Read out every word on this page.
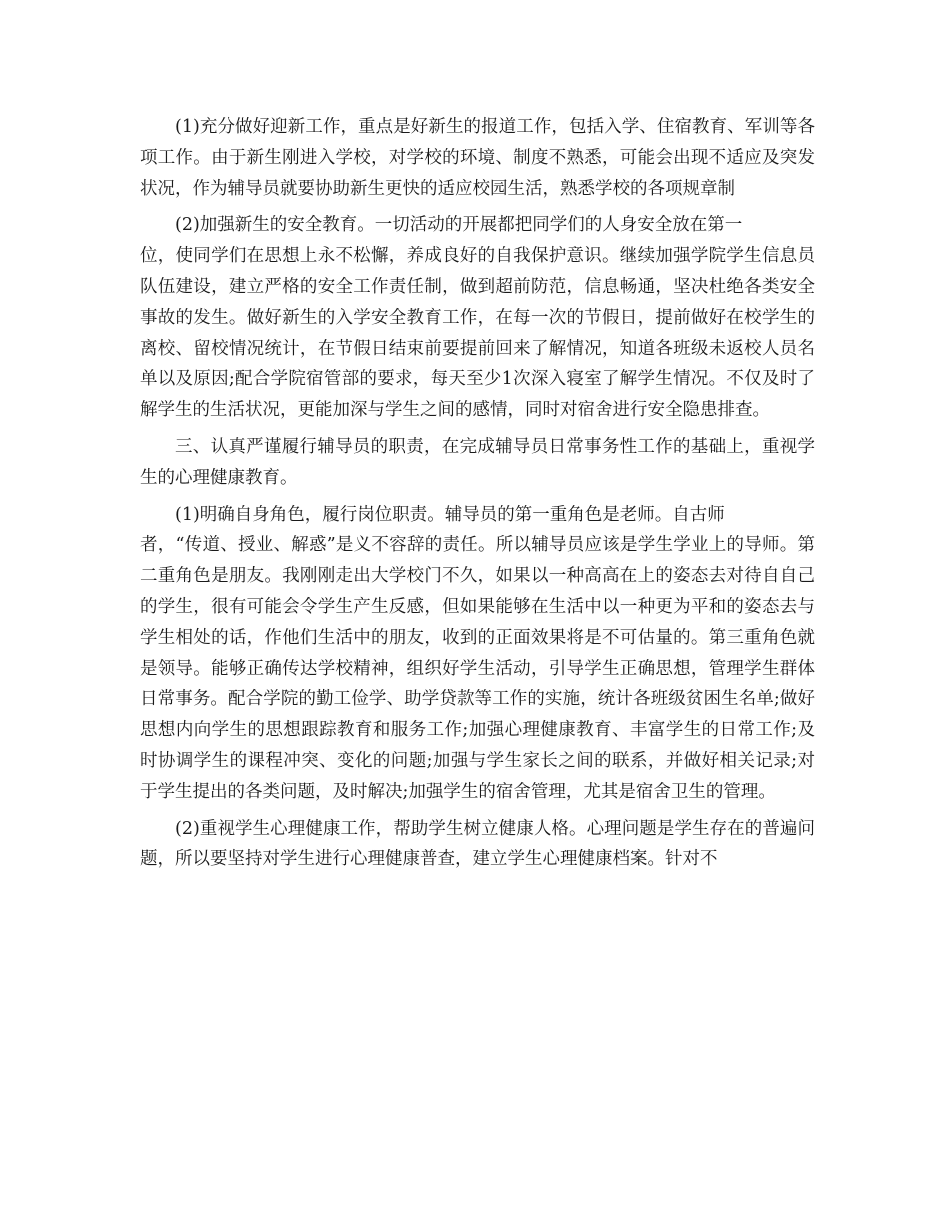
(1)充分做好迎新工作，重点是好新生的报道工作，包括入学、住宿教育、军训等各项工作。由于新生刚进入学校，对学校的环境、制度不熟悉，可能会出现不适应及突发状况，作为辅导员就要协助新生更快的适应校园生活，熟悉学校的各项规章制

(2)加强新生的安全教育。一切活动的开展都把同学们的人身安全放在第一
位，使同学们在思想上永不松懈，养成良好的自我保护意识。继续加强学院学生信息员队伍建设，建立严格的安全工作责任制，做到超前防范，信息畅通，坚决杜绝各类安全事故的发生。做好新生的入学安全教育工作，在每一次的节假日，提前做好在校学生的离校、留校情况统计，在节假日结束前要提前回来了解情况，知道各班级未返校人员名单以及原因;配合学院宿管部的要求，每天至少1次深入寝室了解学生情况。不仅及时了解学生的生活状况，更能加深与学生之间的感情，同时对宿舍进行安全隐患排查。

三、认真严谨履行辅导员的职责，在完成辅导员日常事务性工作的基础上，重视学生的心理健康教育。

(1)明确自身角色，履行岗位职责。辅导员的第一重角色是老师。自古师
者，“传道、授业、解惑”是义不容辞的责任。所以辅导员应该是学生学业上的导师。第二重角色是朋友。我刚刚走出大学校门不久，如果以一种高高在上的姿态去对待自自己的学生，很有可能会令学生产生反感，但如果能够在生活中以一种更为平和的姿态去与学生相处的话，作他们生活中的朋友，收到的正面效果将是不可估量的。第三重角色就是领导。能够正确传达学校精神，组织好学生活动，引导学生正确思想，管理学生群体日常事务。配合学院的勤工俭学、助学贷款等工作的实施，统计各班级贫困生名单;做好思想内向学生的思想跟踪教育和服务工作;加强心理健康教育、丰富学生的日常工作;及时协调学生的课程冲突、变化的问题;加强与学生家长之间的联系，并做好相关记录;对于学生提出的各类问题，及时解决;加强学生的宿舍管理，尤其是宿舍卫生的管理。

(2)重视学生心理健康工作，帮助学生树立健康人格。心理问题是学生存在的普遍问题，所以要坚持对学生进行心理健康普查，建立学生心理健康档案。针对不
